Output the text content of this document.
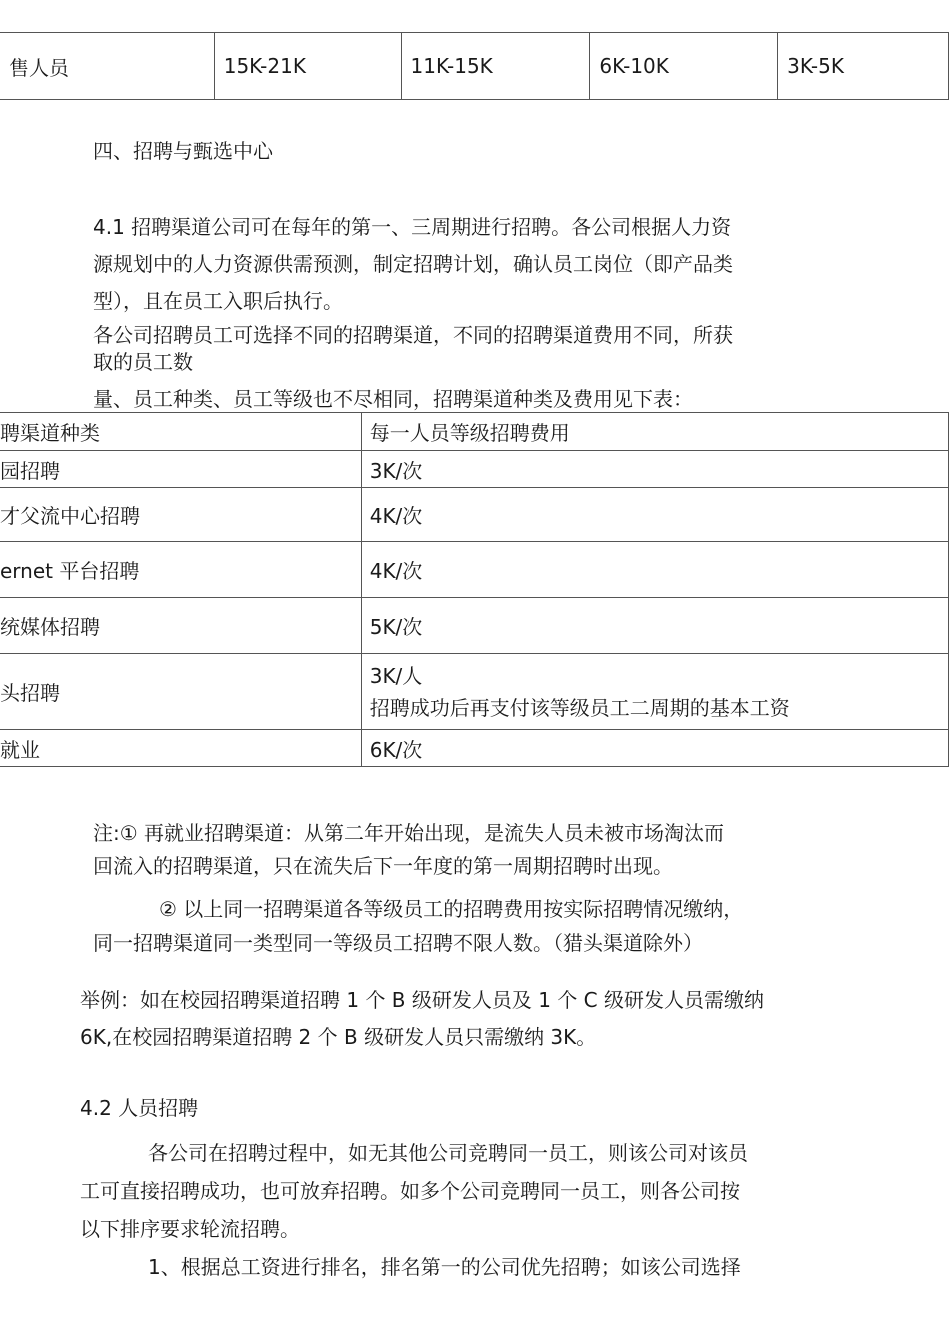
售人员	15K-21K	11K-15K	6K-10K	3K-5K
四、招聘与甄选中心
4.1 招聘渠道公司可在每年的第一、三周期进行招聘。各公司根据人力资
源规划中的人力资源供需预测，制定招聘计划，确认员工岗位（即产品类
型），且在员工入职后执行。
各公司招聘员工可选择不同的招聘渠道，不同的招聘渠道费用不同，所获
取的员工数
量、员工种类、员工等级也不尽相同，招聘渠道种类及费用见下表：
聘渠道种类	每一人员等级招聘费用
园招聘	3K/次
才父流中心招聘	4K/次
ernet 平台招聘	4K/次
统媒体招聘	5K/次
头招聘	3K/人
招聘成功后再支付该等级员工二周期的基本工资

就业	6K/次
注:① 再就业招聘渠道：从第二年开始出现，是流失人员未被市场淘汰而
回流入的招聘渠道，只在流失后下一年度的第一周期招聘时出现。
② 以上同一招聘渠道各等级员工的招聘费用按实际招聘情况缴纳，
同一招聘渠道同一类型同一等级员工招聘不限人数。（猎头渠道除外）
举例：如在校园招聘渠道招聘 1 个 B 级研发人员及 1 个 C 级研发人员需缴纳
6K,在校园招聘渠道招聘 2 个 B 级研发人员只需缴纳 3K。
4.2 人员招聘
各公司在招聘过程中，如无其他公司竞聘同一员工，则该公司对该员
工可直接招聘成功，也可放弃招聘。如多个公司竞聘同一员工，则各公司按
以下排序要求轮流招聘。
1、根据总工资进行排名，排名第一的公司优先招聘；如该公司选择
